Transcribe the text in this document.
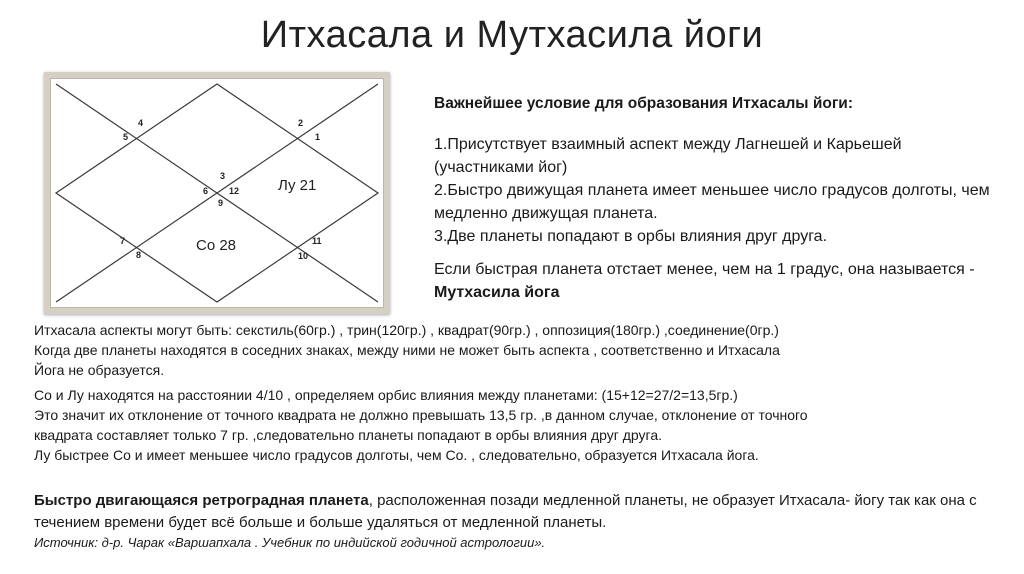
Итхасала и Мутхасила йоги
2
1
3
4
5
6
7
8
9
10
11
12	Лу 21
Со 28
Важнейшее условие для образования Итхасалы йоги:
1.Присутствует взаимный аспект между Лагнешей и Карьешей (участниками йог)
2.Быстро движущая планета имеет меньшее число градусов долготы, чем медленно движущая планета.
3.Две планеты попадают в орбы влияния друг друга.
Если быстрая планета отстает менее, чем на 1 градус, она называется - Мутхасила йога
Итхасала аспекты могут быть: секстиль(60гр.) , трин(120гр.) , квадрат(90гр.) , оппозиция(180гр.) ,соединение(0гр.)
Когда две планеты находятся в соседних знаках, между ними не может быть аспекта , соответственно и Итхасала
Йога не образуется.
Со и Лу находятся на расстоянии 4/10 , определяем орбис влияния между планетами: (15+12=27/2=13,5гр.)
Это значит их отклонение от точного квадрата не должно превышать 13,5 гр. ,в данном случае, отклонение от точного
квадрата составляет только 7 гр. ,следовательно планеты попадают в орбы влияния друг друга.
Лу быстрее Со и имеет меньшее число градусов долготы, чем Со. , следовательно, образуется Итхасала йога.
Быстро двигающаяся ретроградная планета, расположенная позади медленной планеты, не образует Итхасала- йогу так как она с течением времени будет всё больше и больше удаляться от медленной планеты.
Источник: д-р. Чарак «Варшапхала . Учебник по индийской годичной астрологии».
